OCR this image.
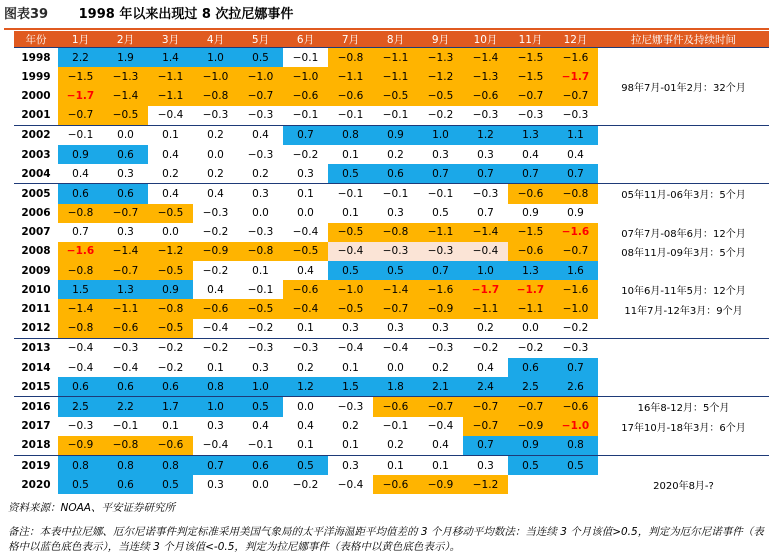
图表39 1998 年以来出现过 8 次拉尼娜事件
年份	1月	2月	3月	4月	5月	6月	7月	8月	9月	10月	11月	12月	拉尼娜事件及持续时间
1998	2.2	1.9	1.4	1.0	0.5	−0.1	−0.8	−1.1	−1.3	−1.4	−1.5	−1.6	98年7月-01年2月：32个月
1999	−1.5	−1.3	−1.1	−1.0	−1.0	−1.0	−1.1	−1.1	−1.2	−1.3	−1.5	−1.7	
2000	−1.7	−1.4	−1.1	−0.8	−0.7	−0.6	−0.6	−0.5	−0.5	−0.6	−0.7	−0.7	
2001	−0.7	−0.5	−0.4	−0.3	−0.3	−0.1	−0.1	−0.1	−0.2	−0.3	−0.3	−0.3	
2002	−0.1	0.0	0.1	0.2	0.4	0.7	0.8	0.9	1.0	1.2	1.3	1.1	
2003	0.9	0.6	0.4	0.0	−0.3	−0.2	0.1	0.2	0.3	0.3	0.4	0.4	
2004	0.4	0.3	0.2	0.2	0.2	0.3	0.5	0.6	0.7	0.7	0.7	0.7	
2005	0.6	0.6	0.4	0.4	0.3	0.1	−0.1	−0.1	−0.1	−0.3	−0.6	−0.8	05年11月-06年3月：5个月
2006	−0.8	−0.7	−0.5	−0.3	0.0	0.0	0.1	0.3	0.5	0.7	0.9	0.9	
2007	0.7	0.3	0.0	−0.2	−0.3	−0.4	−0.5	−0.8	−1.1	−1.4	−1.5	−1.6	07年7月-08年6月：12个月
2008	−1.6	−1.4	−1.2	−0.9	−0.8	−0.5	−0.4	−0.3	−0.3	−0.4	−0.6	−0.7	08年11月-09年3月：5个月
2009	−0.8	−0.7	−0.5	−0.2	0.1	0.4	0.5	0.5	0.7	1.0	1.3	1.6	
2010	1.5	1.3	0.9	0.4	−0.1	−0.6	−1.0	−1.4	−1.6	−1.7	−1.7	−1.6	10年6月-11年5月：12个月
2011	−1.4	−1.1	−0.8	−0.6	−0.5	−0.4	−0.5	−0.7	−0.9	−1.1	−1.1	−1.0	11年7月-12年3月：9个月
2012	−0.8	−0.6	−0.5	−0.4	−0.2	0.1	0.3	0.3	0.3	0.2	0.0	−0.2	
2013	−0.4	−0.3	−0.2	−0.2	−0.3	−0.3	−0.4	−0.4	−0.3	−0.2	−0.2	−0.3	
2014	−0.4	−0.4	−0.2	0.1	0.3	0.2	0.1	0.0	0.2	0.4	0.6	0.7	
2015	0.6	0.6	0.6	0.8	1.0	1.2	1.5	1.8	2.1	2.4	2.5	2.6	
2016	2.5	2.2	1.7	1.0	0.5	0.0	−0.3	−0.6	−0.7	−0.7	−0.7	−0.6	16年8-12月：5个月
2017	−0.3	−0.1	0.1	0.3	0.4	0.4	0.2	−0.1	−0.4	−0.7	−0.9	−1.0	17年10月-18年3月：6个月
2018	−0.9	−0.8	−0.6	−0.4	−0.1	0.1	0.1	0.2	0.4	0.7	0.9	0.8	
2019	0.8	0.8	0.8	0.7	0.6	0.5	0.3	0.1	0.1	0.3	0.5	0.5	
2020	0.5	0.6	0.5	0.3	0.0	−0.2	−0.4	−0.6	−0.9	−1.2			2020年8月-?
资料来源：NOAA、平安证券研究所
备注：本表中拉尼娜、厄尔尼诺事件判定标准采用美国气象局的太平洋海温距平均值差的 3 个月移动平均数法：当连续 3 个月该值>0.5，判定为厄尔尼诺事件（表格中以蓝色底色表示），当连续 3 个月该值<-0.5，判定为拉尼娜事件（表格中以黄色底色表示）。
